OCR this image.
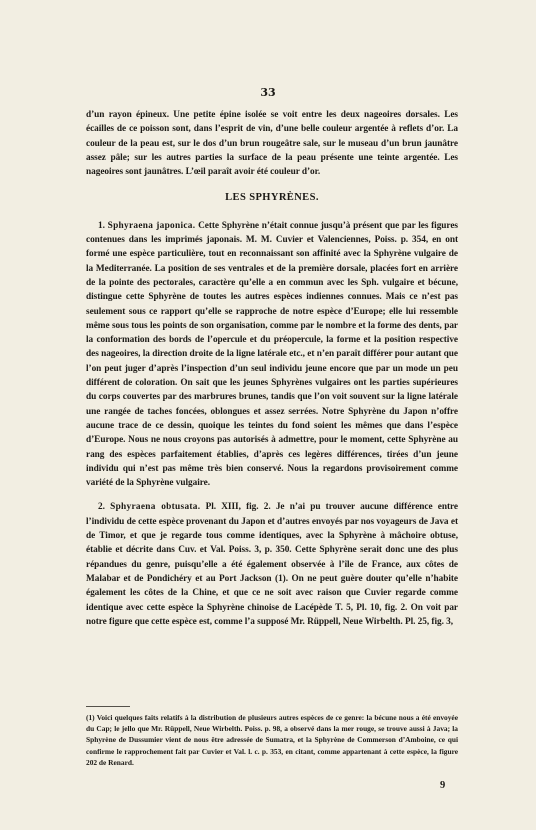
33

d’un rayon épineux. Une petite épine isolée se voit entre les deux nageoires dorsales. Les écailles de ce poisson sont, dans l’esprit de vin, d’une belle couleur argentée à reflets d’or. La couleur de la peau est, sur le dos d’un brun rougeâtre sale, sur le museau d’un brun jaunâtre assez pâle; sur les autres parties la surface de la peau présente une teinte argentée. Les nageoires sont jaunâtres. L’œil paraît avoir été couleur d’or.

LES SPHYRÈNES.

1. Sphyraena japonica. Cette Sphyrène n’était connue jusqu’à présent que par les figures contenues dans les imprimés japonais. M. M. Cuvier et Valenciennes, Poiss. p. 354, en ont formé une espèce particulière, tout en reconnaissant son affinité avec la Sphyrène vulgaire de la Mediterranée. La position de ses ventrales et de la première dorsale, placées fort en arrière de la pointe des pectorales, caractère qu’elle a en commun avec les Sph. vulgaire et bécune, distingue cette Sphyrène de toutes les autres espèces indiennes connues. Mais ce n’est pas seulement sous ce rapport qu’elle se rapproche de notre espèce d’Europe; elle lui ressemble même sous tous les points de son organisation, comme par le nombre et la forme des dents, par la conformation des bords de l’opercule et du préopercule, la forme et la position respective des nageoires, la direction droite de la ligne latérale etc., et n’en paraît différer pour autant que l’on peut juger d’après l’inspection d’un seul individu jeune encore que par un mode un peu différent de coloration. On sait que les jeunes Sphyrènes vulgaires ont les parties supérieures du corps couvertes par des marbrures brunes, tandis que l’on voit souvent sur la ligne latérale une rangée de taches foncées, oblongues et assez serrées. Notre Sphyrène du Japon n’offre aucune trace de ce dessin, quoique les teintes du fond soient les mêmes que dans l’espèce d’Europe. Nous ne nous croyons pas autorisés à admettre, pour le moment, cette Sphyrène au rang des espèces parfaitement établies, d’après ces legères différences, tirées d’un jeune individu qui n’est pas même très bien conservé. Nous la regardons provisoirement comme variété de la Sphyrène vulgaire.

2. Sphyraena obtusata. Pl. XIII, fig. 2. Je n’ai pu trouver aucune différence entre l’individu de cette espèce provenant du Japon et d’autres envoyés par nos voyageurs de Java et de Timor, et que je regarde tous comme identiques, avec la Sphyrène à mâchoire obtuse, établie et décrite dans Cuv. et Val. Poiss. 3, p. 350. Cette Sphyrène serait donc une des plus répandues du genre, puisqu’elle a été également observée à l’île de France, aux côtes de Malabar et de Pondichéry et au Port Jackson (1). On ne peut guère douter qu’elle n’habite également les côtes de la Chine, et que ce ne soit avec raison que Cuvier regarde comme identique avec cette espèce la Sphyrène chinoise de Lacépède T. 5, Pl. 10, fig. 2. On voit par notre figure que cette espèce est, comme l’a supposé Mr. Rüppell, Neue Wirbelth. Pl. 25, fig. 3,

(1) Voici quelques faits relatifs à la distribution de plusieurs autres espèces de ce genre: la bécune nous a été envoyée du Cap; le jello que Mr. Rüppell, Neue Wirbelth. Poiss. p. 98, a observé dans la mer rouge, se trouve aussi à Java; la Sphyrène de Dussumier vient de nous être adressée de Sumatra, et la Sphyrène de Commerson d’Amboine, ce qui confirme le rapprochement fait par Cuvier et Val. l. c. p. 353, en citant, comme appartenant à cette espèce, la figure 202 de Renard.
9
